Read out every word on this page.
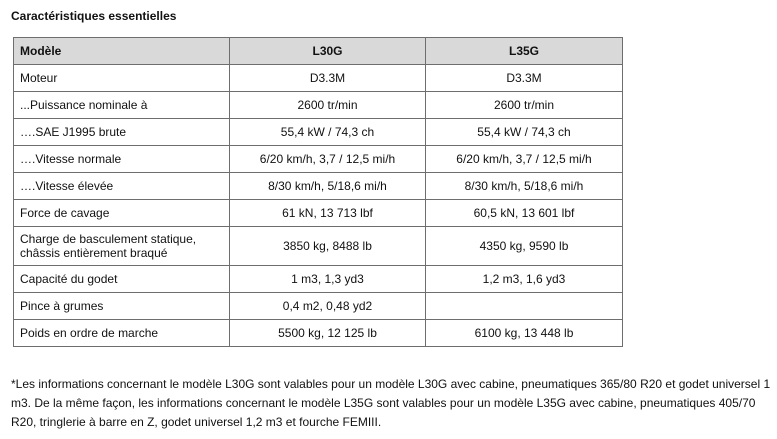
Caractéristiques essentielles
Modèle	L30G	L35G
Moteur	D3.3M	D3.3M
...Puissance nominale à	2600 tr/min	2600 tr/min
….SAE J1995 brute	55,4 kW / 74,3 ch	55,4 kW / 74,3 ch
….Vitesse normale	6/20 km/h, 3,7 / 12,5 mi/h	6/20 km/h, 3,7 / 12,5 mi/h
….Vitesse élevée	8/30 km/h, 5/18,6 mi/h	8/30 km/h, 5/18,6 mi/h
Force de cavage	61 kN, 13 713 lbf	60,5 kN, 13 601 lbf
Charge de basculement statique, châssis entièrement braqué	3850 kg, 8488 lb	4350 kg, 9590 lb
Capacité du godet	1 m3, 1,3 yd3	1,2 m3, 1,6 yd3
Pince à grumes	0,4 m2, 0,48 yd2	
Poids en ordre de marche	5500 kg, 12 125 lb	6100 kg, 13 448 lb
*Les informations concernant le modèle L30G sont valables pour un modèle L30G avec cabine, pneumatiques 365/80 R20 et godet universel 1 m3. De la même façon, les informations concernant le modèle L35G sont valables pour un modèle L35G avec cabine, pneumatiques 405/70 R20, tringlerie à barre en Z, godet universel 1,2 m3 et fourche FEMIII.
